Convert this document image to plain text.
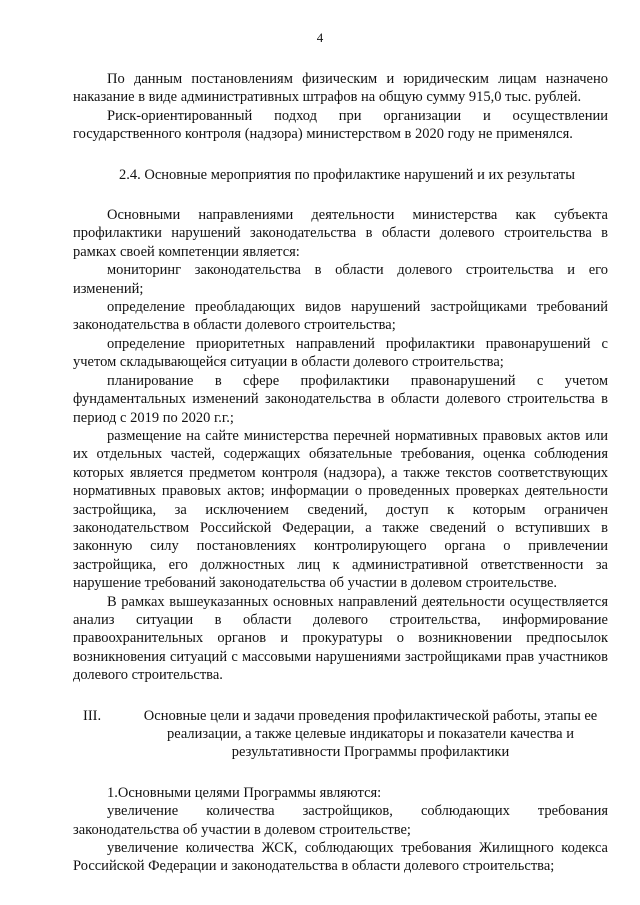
4

По данным постановлениям физическим и юридическим лицам назначено наказание в виде административных штрафов на общую сумму 915,0 тыс. рублей.

Риск-ориентированный подход при организации и осуществлении государственного контроля (надзора) министерством в 2020 году не применялся.

2.4. Основные мероприятия по профилактике нарушений и их результаты

Основными направлениями деятельности министерства как субъекта профилактики нарушений законодательства в области долевого строительства в рамках своей компетенции является:

мониторинг законодательства в области долевого строительства и его изменений;

определение преобладающих видов нарушений застройщиками требований законодательства в области долевого строительства;

определение приоритетных направлений профилактики правонарушений с учетом складывающейся ситуации в области долевого строительства;

планирование в сфере профилактики правонарушений с учетом фундаментальных изменений законодательства в области долевого строительства в период с 2019 по 2020 г.г.;

размещение на сайте министерства перечней нормативных правовых актов или их отдельных частей, содержащих обязательные требования, оценка соблюдения которых является предметом контроля (надзора), а также текстов соответствующих нормативных правовых актов; информации о проведенных проверках деятельности застройщика, за исключением сведений, доступ к которым ограничен законодательством Российской Федерации, а также сведений о вступивших в законную силу постановлениях контролирующего органа о привлечении застройщика, его должностных лиц к административной ответственности за нарушение требований законодательства об участии в долевом строительстве.

В рамках вышеуказанных основных направлений деятельности осуществляется анализ ситуации в области долевого строительства, информирование правоохранительных органов и прокуратуры о возникновении предпосылок возникновения ситуаций с массовыми нарушениями застройщиками прав участников долевого строительства.

III.	Основные цели и задачи проведения профилактической работы, этапы ее реализации, а также целевые индикаторы и показатели качества и результативности Программы профилактики

1.Основными целями Программы являются:

увеличение количества застройщиков, соблюдающих требования законодательства об участии в долевом строительстве;

увеличение количества ЖСК, соблюдающих требования Жилищного кодекса Российской Федерации и законодательства в области долевого строительства;
